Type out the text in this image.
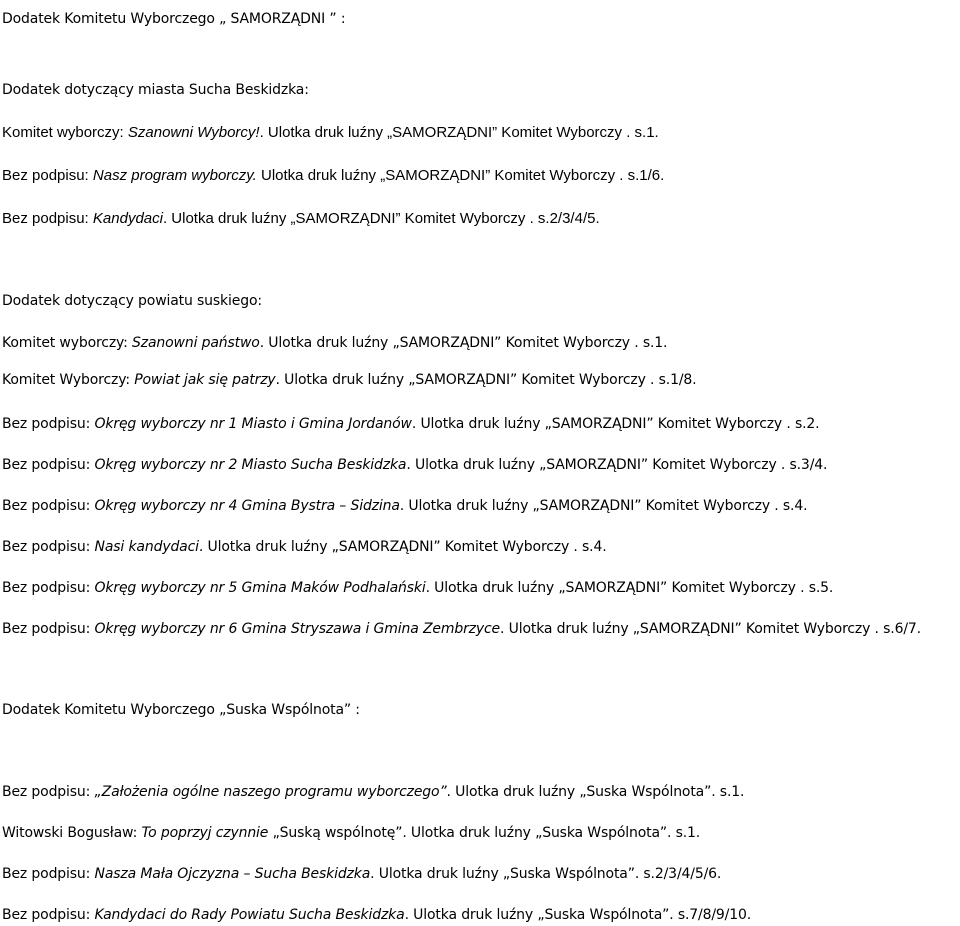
Dodatek Komitetu Wyborczego „ SAMORZĄDNI ” :
Dodatek dotyczący miasta Sucha Beskidzka:
Komitet wyborczy: Szanowni Wyborcy!. Ulotka druk luźny „SAMORZĄDNI” Komitet Wyborczy . s.1.
Bez podpisu: Nasz program wyborczy. Ulotka druk luźny „SAMORZĄDNI” Komitet Wyborczy . s.1/6.
Bez podpisu: Kandydaci. Ulotka druk luźny „SAMORZĄDNI” Komitet Wyborczy . s.2/3/4/5.
Dodatek dotyczący powiatu suskiego:
Komitet wyborczy: Szanowni państwo. Ulotka druk luźny „SAMORZĄDNI” Komitet Wyborczy . s.1.
Komitet Wyborczy: Powiat jak się patrzy. Ulotka druk luźny „SAMORZĄDNI” Komitet Wyborczy . s.1/8.
Bez podpisu: Okręg wyborczy nr 1 Miasto i Gmina Jordanów. Ulotka druk luźny „SAMORZĄDNI” Komitet Wyborczy . s.2.
Bez podpisu: Okręg wyborczy nr 2 Miasto Sucha Beskidzka. Ulotka druk luźny „SAMORZĄDNI” Komitet Wyborczy . s.3/4.
Bez podpisu: Okręg wyborczy nr 4 Gmina Bystra – Sidzina. Ulotka druk luźny „SAMORZĄDNI” Komitet Wyborczy . s.4.
Bez podpisu: Nasi kandydaci. Ulotka druk luźny „SAMORZĄDNI” Komitet Wyborczy . s.4.
Bez podpisu: Okręg wyborczy nr 5 Gmina Maków Podhalański. Ulotka druk luźny „SAMORZĄDNI” Komitet Wyborczy . s.5.
Bez podpisu: Okręg wyborczy nr 6 Gmina Stryszawa i Gmina Zembrzyce. Ulotka druk luźny „SAMORZĄDNI” Komitet Wyborczy . s.6/7.
Dodatek Komitetu Wyborczego „Suska Wspólnota” :
Bez podpisu: „Założenia ogólne naszego programu wyborczego”. Ulotka druk luźny „Suska Wspólnota”. s.1.
Witowski Bogusław: To poprzyj czynnie „Suską wspólnotę”. Ulotka druk luźny „Suska Wspólnota”. s.1.
Bez podpisu: Nasza Mała Ojczyzna – Sucha Beskidzka. Ulotka druk luźny „Suska Wspólnota”. s.2/3/4/5/6.
Bez podpisu: Kandydaci do Rady Powiatu Sucha Beskidzka. Ulotka druk luźny „Suska Wspólnota”. s.7/8/9/10.
